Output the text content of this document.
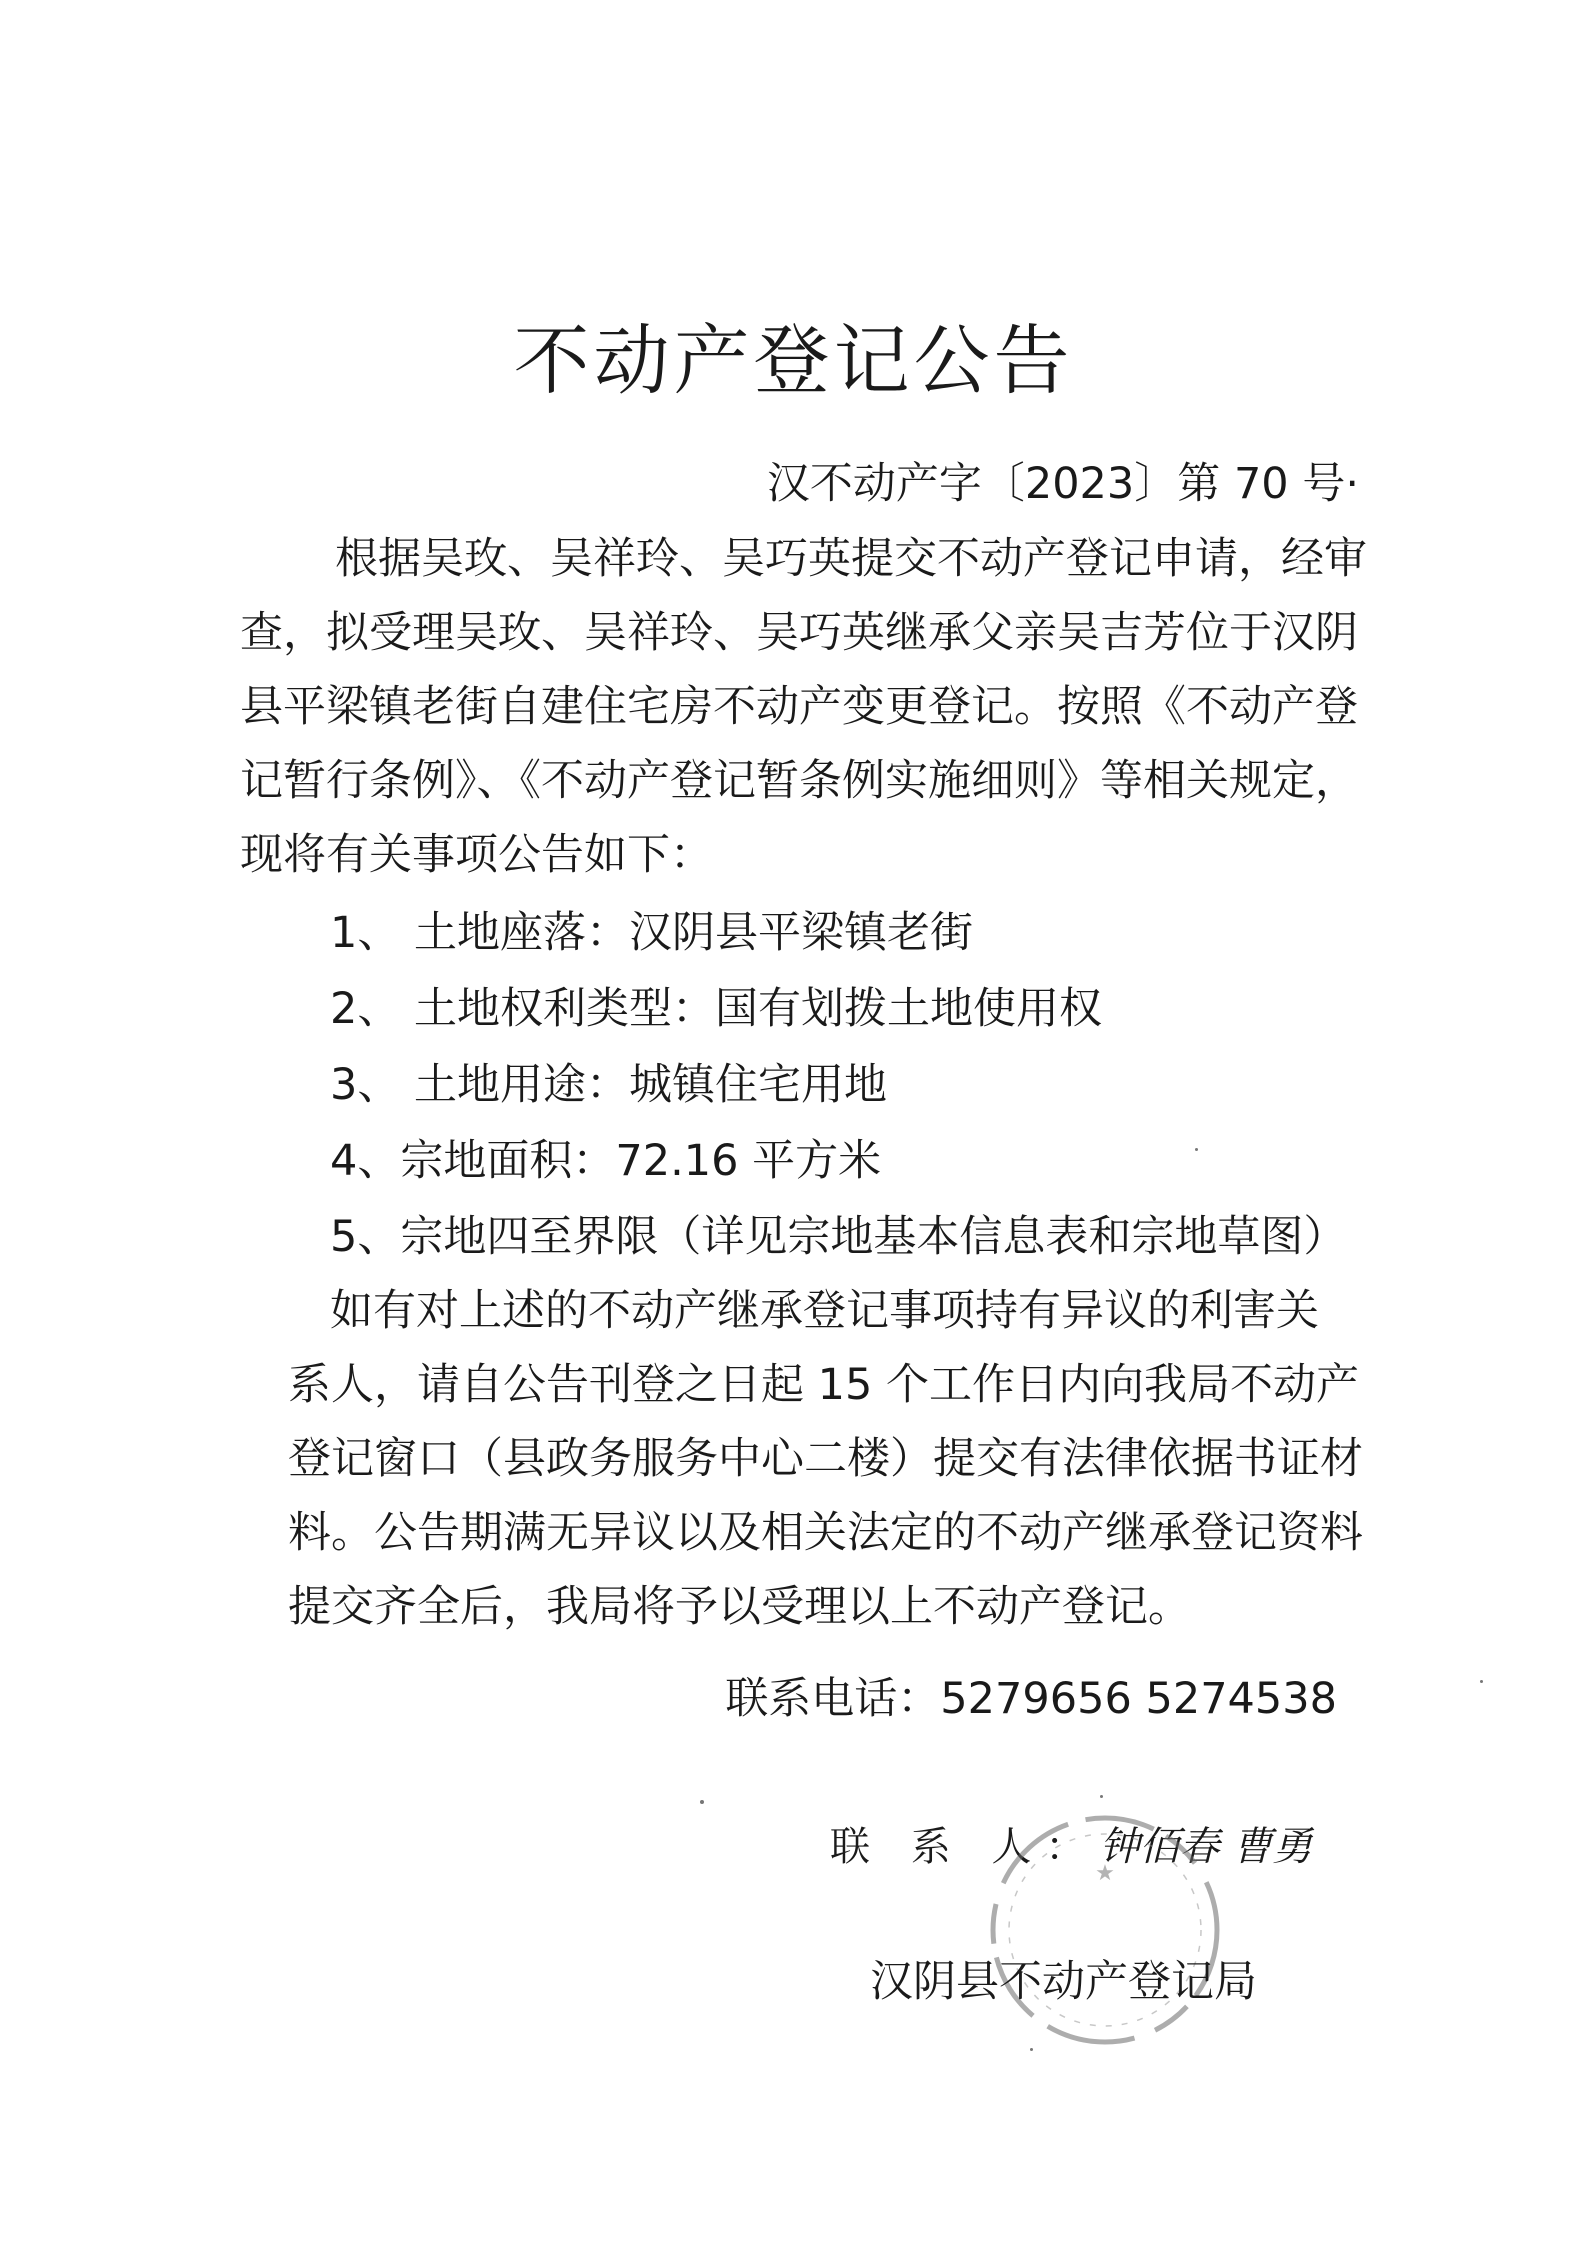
不动产登记公告
汉不动产字〔2023〕第 70 号·
根据吴玫、吴祥玲、吴巧英提交不动产登记申请，经审
查，拟受理吴玫、吴祥玲、吴巧英继承父亲吴吉芳位于汉阴
县平梁镇老街自建住宅房不动产变更登记。按照《不动产登
记暂行条例》、《不动产登记暂条例实施细则》等相关规定，
现将有关事项公告如下：
1、 土地座落：汉阴县平梁镇老街
2、 土地权利类型：国有划拨土地使用权
3、 土地用途：城镇住宅用地
4、宗地面积：72.16 平方米
5、宗地四至界限（详见宗地基本信息表和宗地草图）
如有对上述的不动产继承登记事项持有异议的利害关
系人，请自公告刊登之日起 15 个工作日内向我局不动产
登记窗口（县政务服务中心二楼）提交有法律依据书证材
料。公告期满无异议以及相关法定的不动产继承登记资料
提交齐全后，我局将予以受理以上不动产登记。
联系电话：5279656 5274538
联 系 人：钟佰春 曹勇
★
汉阴县不动产登记局
